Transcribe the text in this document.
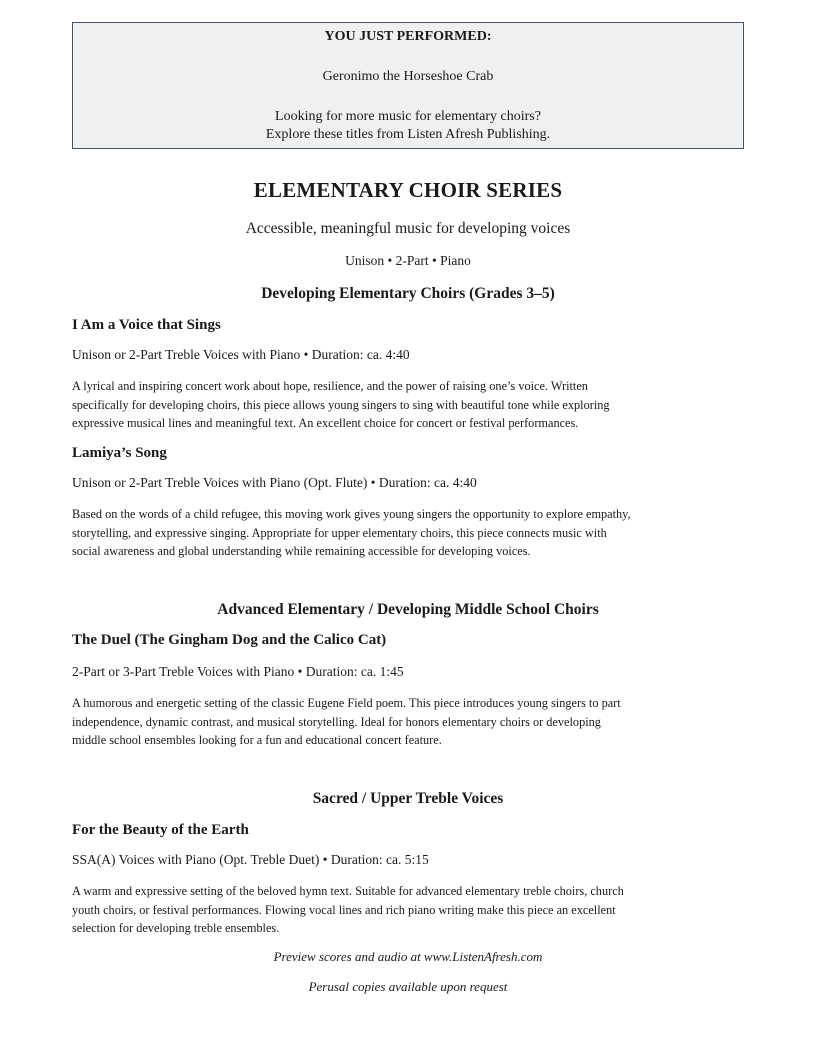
YOU JUST PERFORMED:
Geronimo the Horseshoe Crab
Looking for more music for elementary choirs?
Explore these titles from Listen Afresh Publishing.
ELEMENTARY CHOIR SERIES
Accessible, meaningful music for developing voices
Unison • 2-Part • Piano
Developing Elementary Choirs (Grades 3–5)
I Am a Voice that Sings
Unison or 2-Part Treble Voices with Piano • Duration: ca. 4:40
A lyrical and inspiring concert work about hope, resilience, and the power of raising one’s voice. Written
specifically for developing choirs, this piece allows young singers to sing with beautiful tone while exploring
expressive musical lines and meaningful text. An excellent choice for concert or festival performances.
Lamiya’s Song
Unison or 2-Part Treble Voices with Piano (Opt. Flute) • Duration: ca. 4:40
Based on the words of a child refugee, this moving work gives young singers the opportunity to explore empathy,
storytelling, and expressive singing. Appropriate for upper elementary choirs, this piece connects music with
social awareness and global understanding while remaining accessible for developing voices.
Advanced Elementary / Developing Middle School Choirs
The Duel (The Gingham Dog and the Calico Cat)
2-Part or 3-Part Treble Voices with Piano • Duration: ca. 1:45
A humorous and energetic setting of the classic Eugene Field poem. This piece introduces young singers to part
independence, dynamic contrast, and musical storytelling. Ideal for honors elementary choirs or developing
middle school ensembles looking for a fun and educational concert feature.
Sacred / Upper Treble Voices
For the Beauty of the Earth
SSA(A) Voices with Piano (Opt. Treble Duet) • Duration: ca. 5:15
A warm and expressive setting of the beloved hymn text. Suitable for advanced elementary treble choirs, church
youth choirs, or festival performances. Flowing vocal lines and rich piano writing make this piece an excellent
selection for developing treble ensembles.
Preview scores and audio at www.ListenAfresh.com
Perusal copies available upon request
